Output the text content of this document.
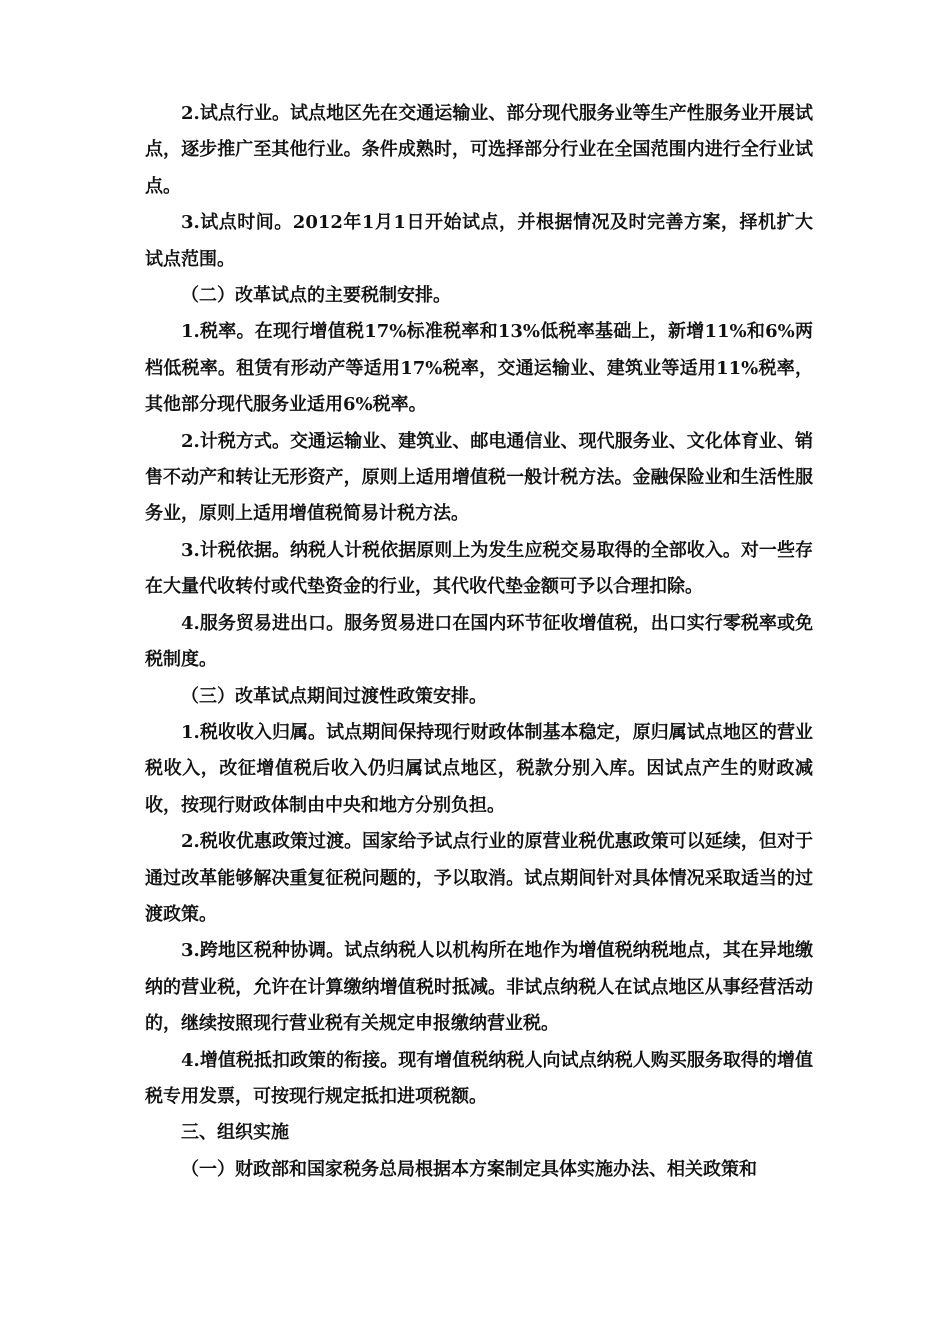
2.试点行业。试点地区先在交通运输业、部分现代服务业等生产性服务业开展试点，逐步推广至其他行业。条件成熟时，可选择部分行业在全国范围内进行全行业试点。

3.试点时间。2012年1月1日开始试点，并根据情况及时完善方案，择机扩大试点范围。

（二）改革试点的主要税制安排。

1.税率。在现行增值税17%标准税率和13%低税率基础上，新增11%和6%两档低税率。租赁有形动产等适用17%税率，交通运输业、建筑业等适用11%税率，其他部分现代服务业适用6%税率。

2.计税方式。交通运输业、建筑业、邮电通信业、现代服务业、文化体育业、销售不动产和转让无形资产，原则上适用增值税一般计税方法。金融保险业和生活性服务业，原则上适用增值税简易计税方法。

3.计税依据。纳税人计税依据原则上为发生应税交易取得的全部收入。对一些存在大量代收转付或代垫资金的行业，其代收代垫金额可予以合理扣除。

4.服务贸易进出口。服务贸易进口在国内环节征收增值税，出口实行零税率或免税制度。

（三）改革试点期间过渡性政策安排。

1.税收收入归属。试点期间保持现行财政体制基本稳定，原归属试点地区的营业税收入，改征增值税后收入仍归属试点地区，税款分别入库。因试点产生的财政减收，按现行财政体制由中央和地方分别负担。

2.税收优惠政策过渡。国家给予试点行业的原营业税优惠政策可以延续，但对于通过改革能够解决重复征税问题的，予以取消。试点期间针对具体情况采取适当的过渡政策。

3.跨地区税种协调。试点纳税人以机构所在地作为增值税纳税地点，其在异地缴纳的营业税，允许在计算缴纳增值税时抵减。非试点纳税人在试点地区从事经营活动的，继续按照现行营业税有关规定申报缴纳营业税。

4.增值税抵扣政策的衔接。现有增值税纳税人向试点纳税人购买服务取得的增值税专用发票，可按现行规定抵扣进项税额。

三、组织实施

（一）财政部和国家税务总局根据本方案制定具体实施办法、相关政策和
